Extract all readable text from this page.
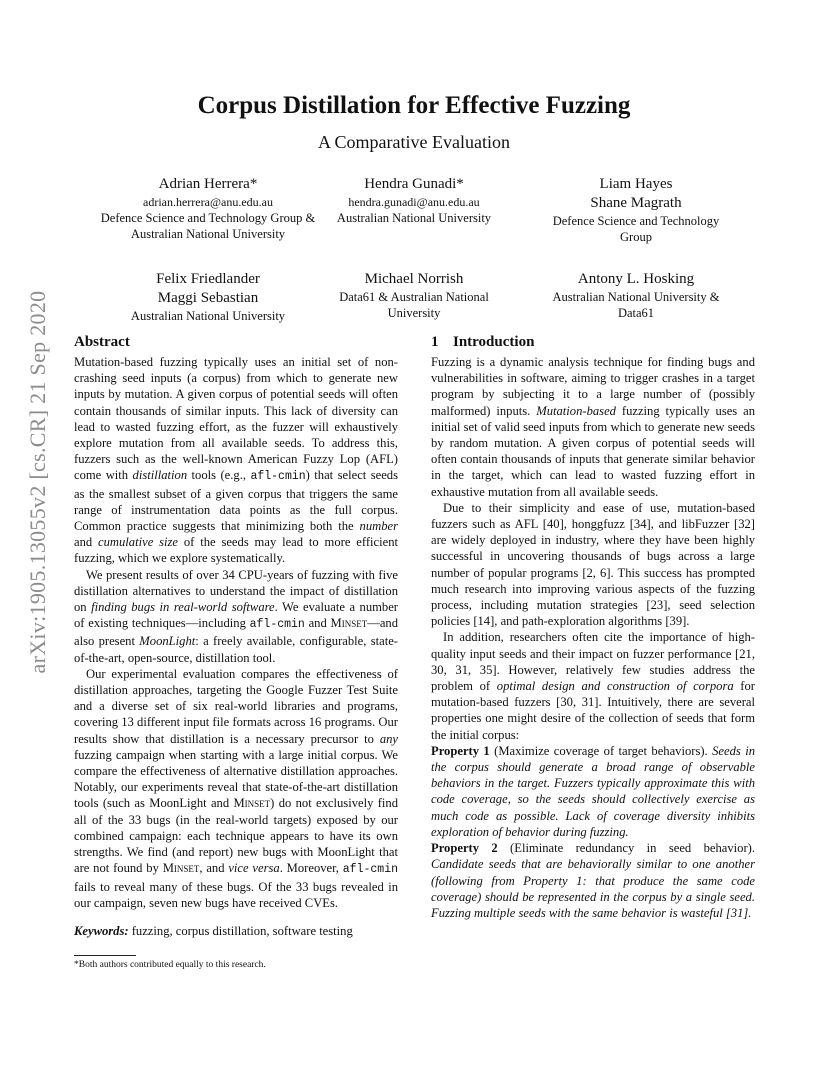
arXiv:1905.13055v2 [cs.CR] 21 Sep 2020
Corpus Distillation for Effective Fuzzing
A Comparative Evaluation
Adrian Herrera*
adrian.herrera@anu.edu.au
Defence Science and Technology Group & Australian National University
Hendra Gunadi*
hendra.gunadi@anu.edu.au
Australian National University
Liam Hayes
Shane Magrath
Defence Science and Technology Group
Felix Friedlander
Maggi Sebastian
Australian National University
Michael Norrish
Data61 & Australian National University
Antony L. Hosking
Australian National University & Data61
Abstract

Mutation-based fuzzing typically uses an initial set of non-crashing seed inputs (a corpus) from which to generate new inputs by mutation. A given corpus of potential seeds will often contain thousands of similar inputs. This lack of diversity can lead to wasted fuzzing effort, as the fuzzer will exhaustively explore mutation from all available seeds. To address this, fuzzers such as the well-known American Fuzzy Lop (AFL) come with distillation tools (e.g., afl-cmin) that select seeds as the smallest subset of a given corpus that triggers the same range of instrumentation data points as the full corpus. Common practice suggests that minimizing both the number and cumulative size of the seeds may lead to more efficient fuzzing, which we explore systematically.

We present results of over 34 CPU-years of fuzzing with five distillation alternatives to understand the impact of distillation on finding bugs in real-world software. We evaluate a number of existing techniques—including afl-cmin and Minset—and also present MoonLight: a freely available, configurable, state-of-the-art, open-source, distillation tool.

Our experimental evaluation compares the effectiveness of distillation approaches, targeting the Google Fuzzer Test Suite and a diverse set of six real-world libraries and programs, covering 13 different input file formats across 16 programs. Our results show that distillation is a necessary precursor to any fuzzing campaign when starting with a large initial corpus. We compare the effectiveness of alternative distillation approaches. Notably, our experiments reveal that state-of-the-art distillation tools (such as MoonLight and Minset) do not exclusively find all of the 33 bugs (in the real-world targets) exposed by our combined campaign: each technique appears to have its own strengths. We find (and report) new bugs with MoonLight that are not found by Minset, and vice versa. Moreover, afl-cmin fails to reveal many of these bugs. Of the 33 bugs revealed in our campaign, seven new bugs have received CVEs.

Keywords: fuzzing, corpus distillation, software testing

1 Introduction

Fuzzing is a dynamic analysis technique for finding bugs and vulnerabilities in software, aiming to trigger crashes in a target program by subjecting it to a large number of (possibly malformed) inputs. Mutation-based fuzzing typically uses an initial set of valid seed inputs from which to generate new seeds by random mutation. A given corpus of potential seeds will often contain thousands of inputs that generate similar behavior in the target, which can lead to wasted fuzzing effort in exhaustive mutation from all available seeds.

Due to their simplicity and ease of use, mutation-based fuzzers such as AFL [40], honggfuzz [34], and libFuzzer [32] are widely deployed in industry, where they have been highly successful in uncovering thousands of bugs across a large number of popular programs [2, 6]. This success has prompted much research into improving various aspects of the fuzzing process, including mutation strategies [23], seed selection policies [14], and path-exploration algorithms [39].

In addition, researchers often cite the importance of high-quality input seeds and their impact on fuzzer performance [21, 30, 31, 35]. However, relatively few studies address the problem of optimal design and construction of corpora for mutation-based fuzzers [30, 31]. Intuitively, there are several properties one might desire of the collection of seeds that form the initial corpus:

Property 1 (Maximize coverage of target behaviors). Seeds in the corpus should generate a broad range of observable behaviors in the target. Fuzzers typically approximate this with code coverage, so the seeds should collectively exercise as much code as possible. Lack of coverage diversity inhibits exploration of behavior during fuzzing.

Property 2 (Eliminate redundancy in seed behavior). Candidate seeds that are behaviorally similar to one another (following from Property 1: that produce the same code coverage) should be represented in the corpus by a single seed. Fuzzing multiple seeds with the same behavior is wasteful [31].

*Both authors contributed equally to this research.
